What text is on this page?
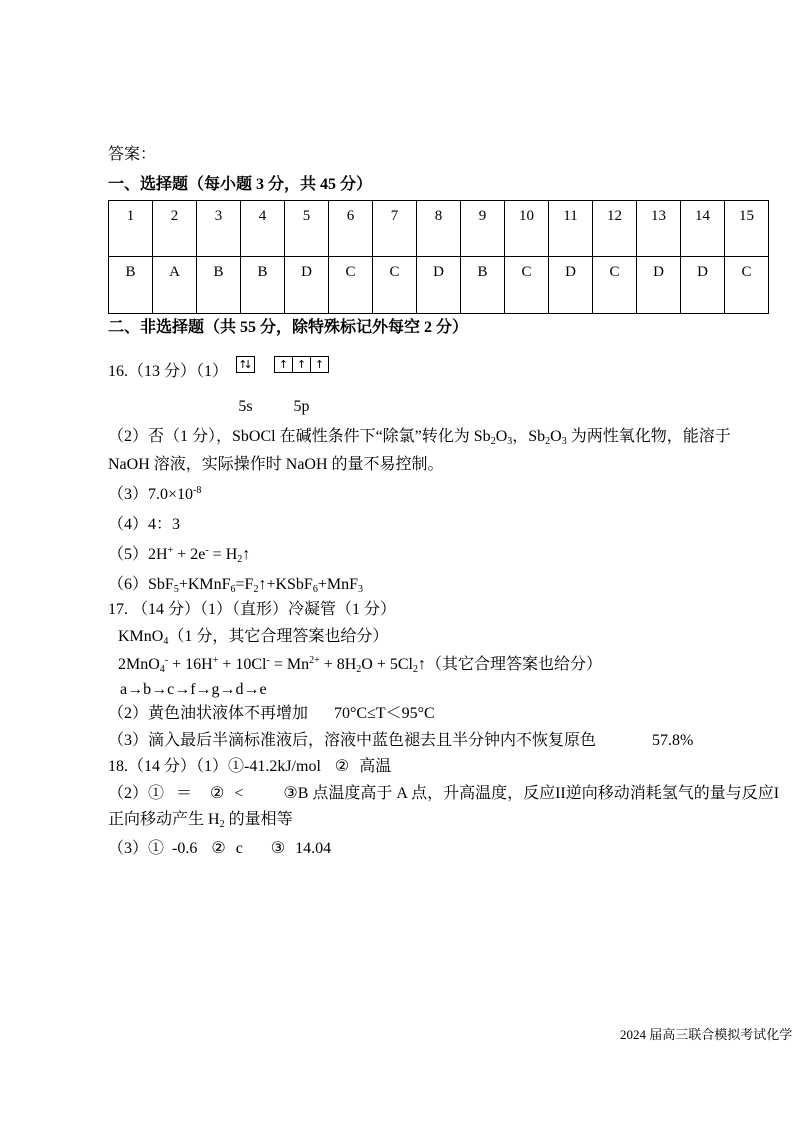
答案：
一、选择题（每小题 3 分，共 45 分）
1	2	3	4	5	6	7	8	9	10	11	12	13	14	15
B	A	B	B	D	C	C	D	B	C	D	C	D	D	C
二、非选择题（共 55 分，除特殊标记外每空 2 分）
16.（13 分）（1） ↑↓
5s
↑ ↑ ↑
5p
（2）否（1 分），SbOCl 在碱性条件下“除氯”转化为 $Sb_2O_3$，$Sb_2O_3$ 为两性氧化物，能溶于
NaOH 溶液，实际操作时 NaOH 的量不易控制。
$(3)7.0\times 10^{-8}$
（4）4：3
$(5)2H^+ + 2e^- = H_2↑$
$(6)SbF_5+KMnF_6=F_2↑+KSbF_6+MnF_3$
17. （14 分）（1）（直形）冷凝管（1 分）
KMnO$_4$（1 分，其它合理答案也给分）
$2MnO_4^- + 16H^+ + 10Cl^- = Mn^{2+} + 8H_2O$ + $5Cl_2↑$（其它合理答案也给分）
a→b→c→f→g→d→e
（2）黄色油状液体不再增加 70°C≤T＜95°C
（3）滴入最后半滴标准液后，溶液中蓝色褪去且半分钟内不恢复原色	57.8%
18.（14 分）（1）①-41.2kJ/mol ② 高温
（2）① ＝ ② <	③B 点温度高于 A 点，升高温度，反应II逆向移动消耗氢气的量与反应I
正向移动产生 $H_2$ 的量相等
（3）① -0.6 ② c ③ 14.04
2024 届高三联合模拟考试化学
